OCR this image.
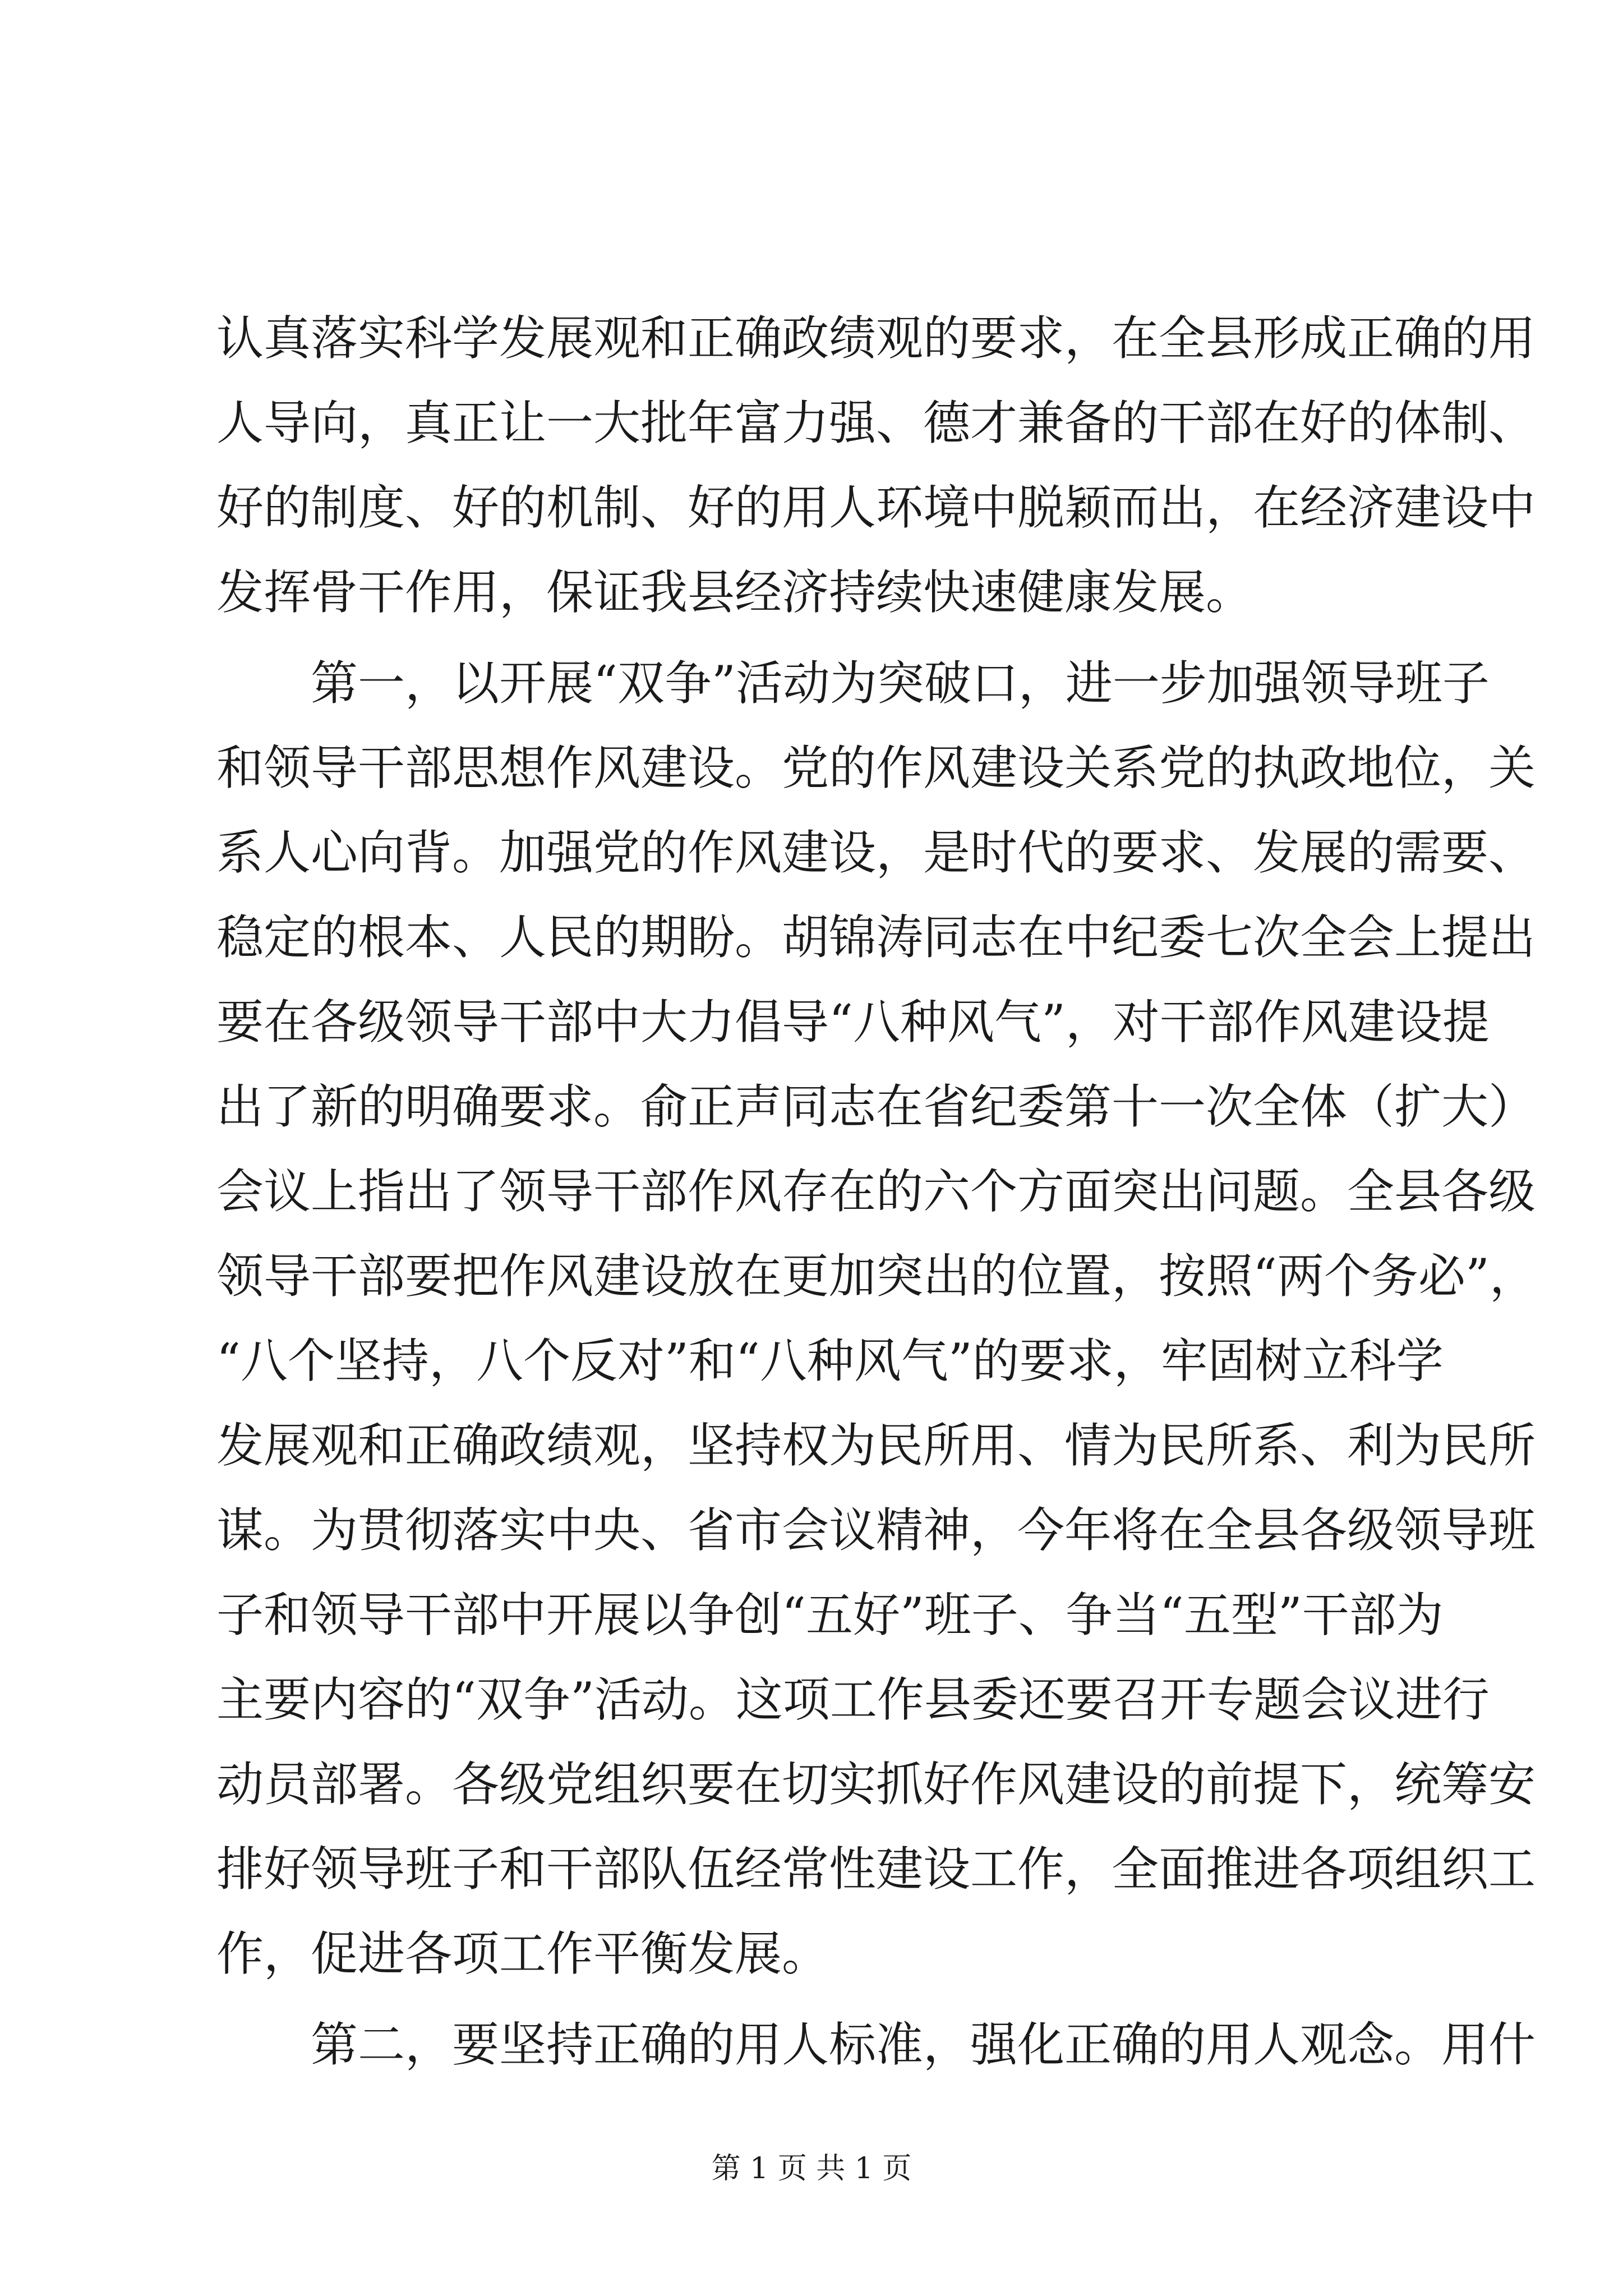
认真落实科学发展观和正确政绩观的要求，在全县形成正确的用
人导向，真正让一大批年富力强、德才兼备的干部在好的体制、
好的制度、好的机制、好的用人环境中脱颖而出，在经济建设中
发挥骨干作用，保证我县经济持续快速健康发展。
第一，以开展“双争”活动为突破口，进一步加强领导班子
和领导干部思想作风建设。党的作风建设关系党的执政地位，关
系人心向背。加强党的作风建设，是时代的要求、发展的需要、
稳定的根本、人民的期盼。胡锦涛同志在中纪委七次全会上提出
要在各级领导干部中大力倡导“八种风气”，对干部作风建设提
出了新的明确要求。俞正声同志在省纪委第十一次全体（扩大）
会议上指出了领导干部作风存在的六个方面突出问题。全县各级
领导干部要把作风建设放在更加突出的位置，按照“两个务必”，
“八个坚持，八个反对”和“八种风气”的要求，牢固树立科学
发展观和正确政绩观，坚持权为民所用、情为民所系、利为民所
谋。为贯彻落实中央、省市会议精神，今年将在全县各级领导班
子和领导干部中开展以争创“五好”班子、争当“五型”干部为
主要内容的“双争”活动。这项工作县委还要召开专题会议进行
动员部署。各级党组织要在切实抓好作风建设的前提下，统筹安
排好领导班子和干部队伍经常性建设工作，全面推进各项组织工
作，促进各项工作平衡发展。
第二，要坚持正确的用人标准，强化正确的用人观念。用什
第 1 页 共 1 页
